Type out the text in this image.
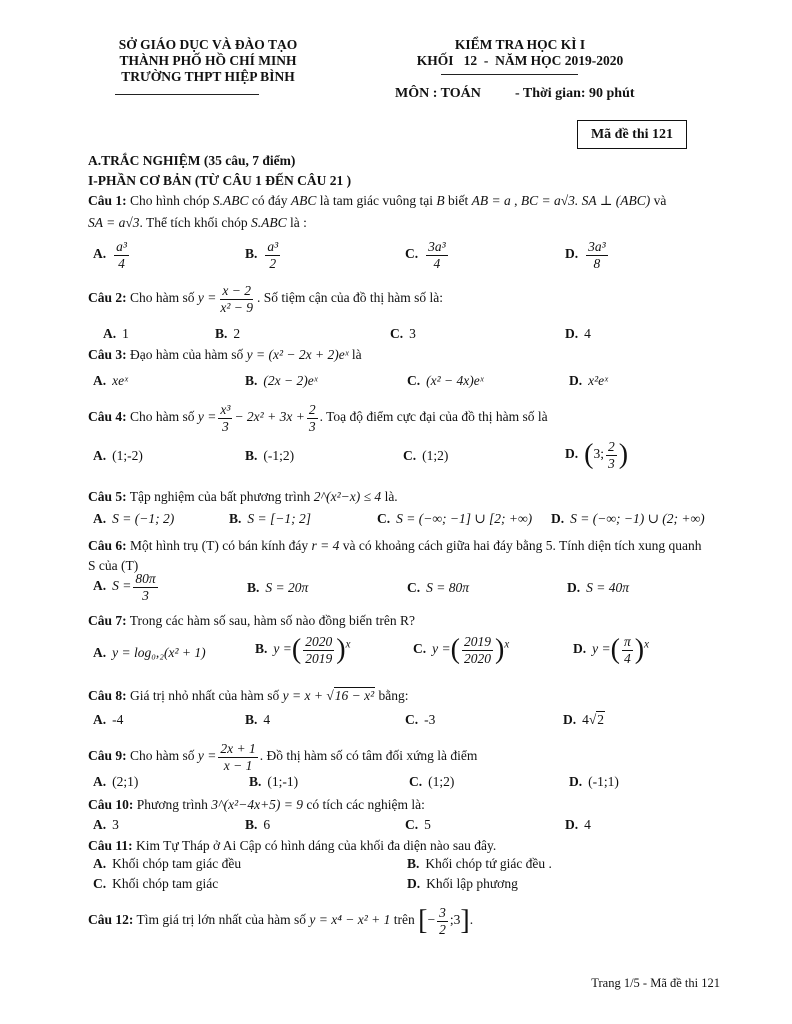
SỞ GIÁO DỤC VÀ ĐÀO TẠO
THÀNH PHỐ HỒ CHÍ MINH
TRƯỜNG THPT HIỆP BÌNH
KIỂM TRA HỌC KÌ I
KHỐI   12  -  NĂM HỌC 2019-2020
MÔN : TOÁN - Thời gian: 90 phút
Mã đề thi 121
A.TRẮC NGHIỆM (35 câu, 7 điểm)
I-PHẦN CƠ BẢN (TỪ CÂU 1 ĐẾN CÂU 21 )
Câu 1: Cho hình chóp S.ABC có đáy ABC là tam giác vuông tại B biết AB = a , BC = a√3. SA ⊥ (ABC) và
SA = a√3. Thể tích khối chóp S.ABC là :
A. $\frac{\text{a³}}{4}$	B. $\frac{\text{a³}}{2}$	C. $\frac{\text{3a³}}{4}$	D. $\frac{\text{3a³}}{8}$
Câu 2: Cho hàm số $y = \frac{x - 2}{\text{x² − 9}}$ . Số tiệm cận của đồ thị hàm số là:
A. 1	B. 2	C. 3	D. 4
Câu 3: Đạo hàm của hàm số y = (x² − 2x + 2)eˣ là
A. xeˣ	B. (2x − 2)eˣ	C. (x² − 4x)eˣ	D. x²eˣ
Câu 4: Cho hàm số $y = \frac{\text{x³}}{3} - 2x^2 + 3x + \frac{2}{3}$ . Toạ độ điểm cực đại của đồ thị hàm số là
A. (1;-2)	B. (-1;2)	C. (1;2)	D. (3; $\frac{2}{3}$ )
Câu 5: Tập nghiệm của bất phương trình 2^(x²−x) ≤ 4 là.
A. S = (−1; 2)	B. S = [−1; 2]	C. S = (−∞; −1] ∪ [2; +∞) D. S = (−∞; −1) ∪ (2; +∞)
Câu 6: Một hình trụ (T) có bán kính đáy r = 4 và có khoảng cách giữa hai đáy bằng 5. Tính diện tích xung quanh S của (T)
A. $S = \frac{80\pi}{3}$	B. S = 20π	C. S = 80π	D. S = 40π
Câu 7: Trong các hàm số sau, hàm số nào đồng biến trên R?
A. y = log₀,₂(x² + 1)	B. y =( $\frac{2020}{2019} )^x$	C. y =( $\frac{2019}{2020} )^x$	D. y =( $\frac{\pi}{4} )^x$
Câu 8: Giá trị nhỏ nhất của hàm số y = x + √16 − x² bằng:
A. -4	B. 4	C. -3	D. 4√2
Câu 9: Cho hàm số $y = \frac{2x + 1}{x - 1}$ . Đồ thị hàm số có tâm đối xứng là điểm
A. (2;1)	B. (1;-1)	C. (1;2)	D. (-1;1)
Câu 10: Phương trình 3^(x²−4x+5) = 9 có tích các nghiệm là:
A. 3	B. 6	C. 5	D. 4
Câu 11: Kim Tự Tháp ở Ai Cập có hình dáng của khối đa diện nào sau đây.
A. Khối chóp tam giác đều	B. Khối chóp tứ giác đều .
C. Khối chóp tam giác	D. Khối lập phương
Câu 12: Tìm giá trị lớn nhất của hàm số y = x⁴ − x² + 1 trên [− $\frac{3}{2}$ ;3].
Trang 1/5 - Mã đề thi 121
